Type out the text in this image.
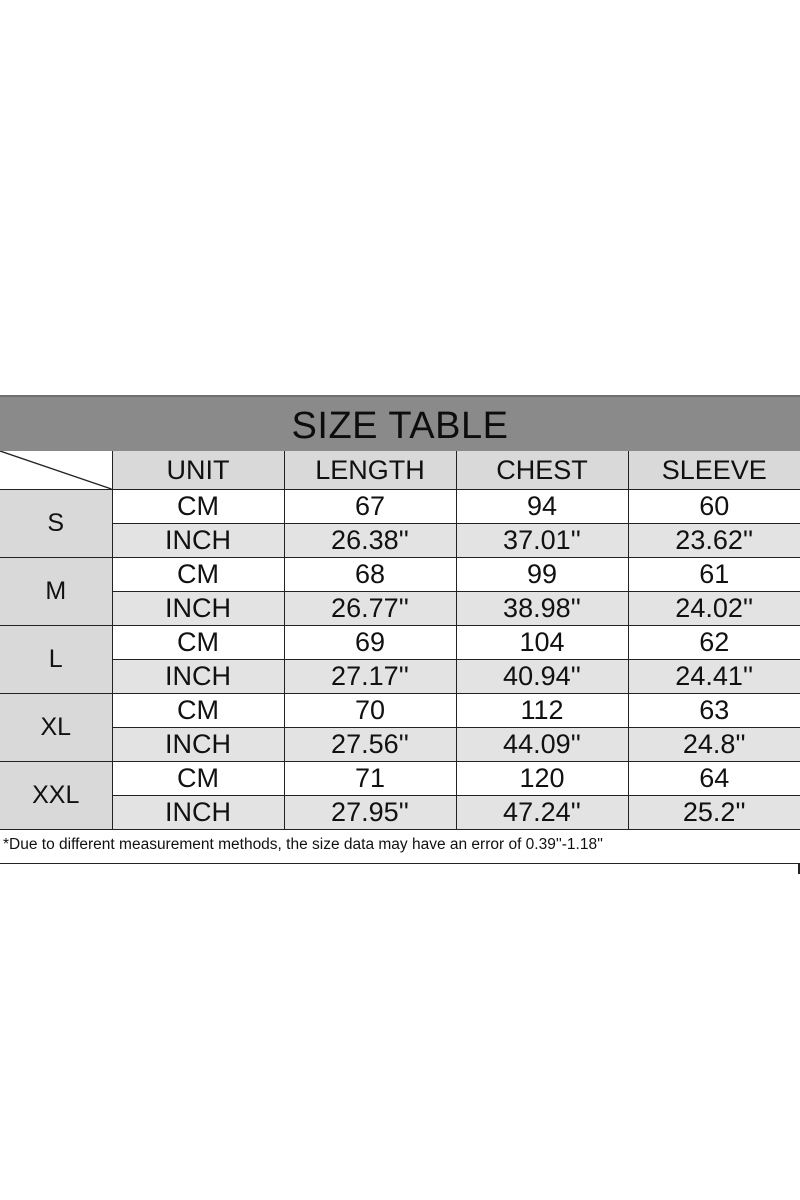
SIZE TABLE
	UNIT	LENGTH	CHEST	SLEEVE
S	CM	67	94	60
	INCH	26.38''	37.01''	23.62''
M	CM	68	99	61
	INCH	26.77''	38.98''	24.02''
L	CM	69	104	62
	INCH	27.17''	40.94''	24.41''
XL	CM	70	112	63
	INCH	27.56''	44.09''	24.8''
XXL	CM	71	120	64
	INCH	27.95''	47.24''	25.2''
*Due to different measurement methods, the size data may have an error of 0.39''-1.18''
